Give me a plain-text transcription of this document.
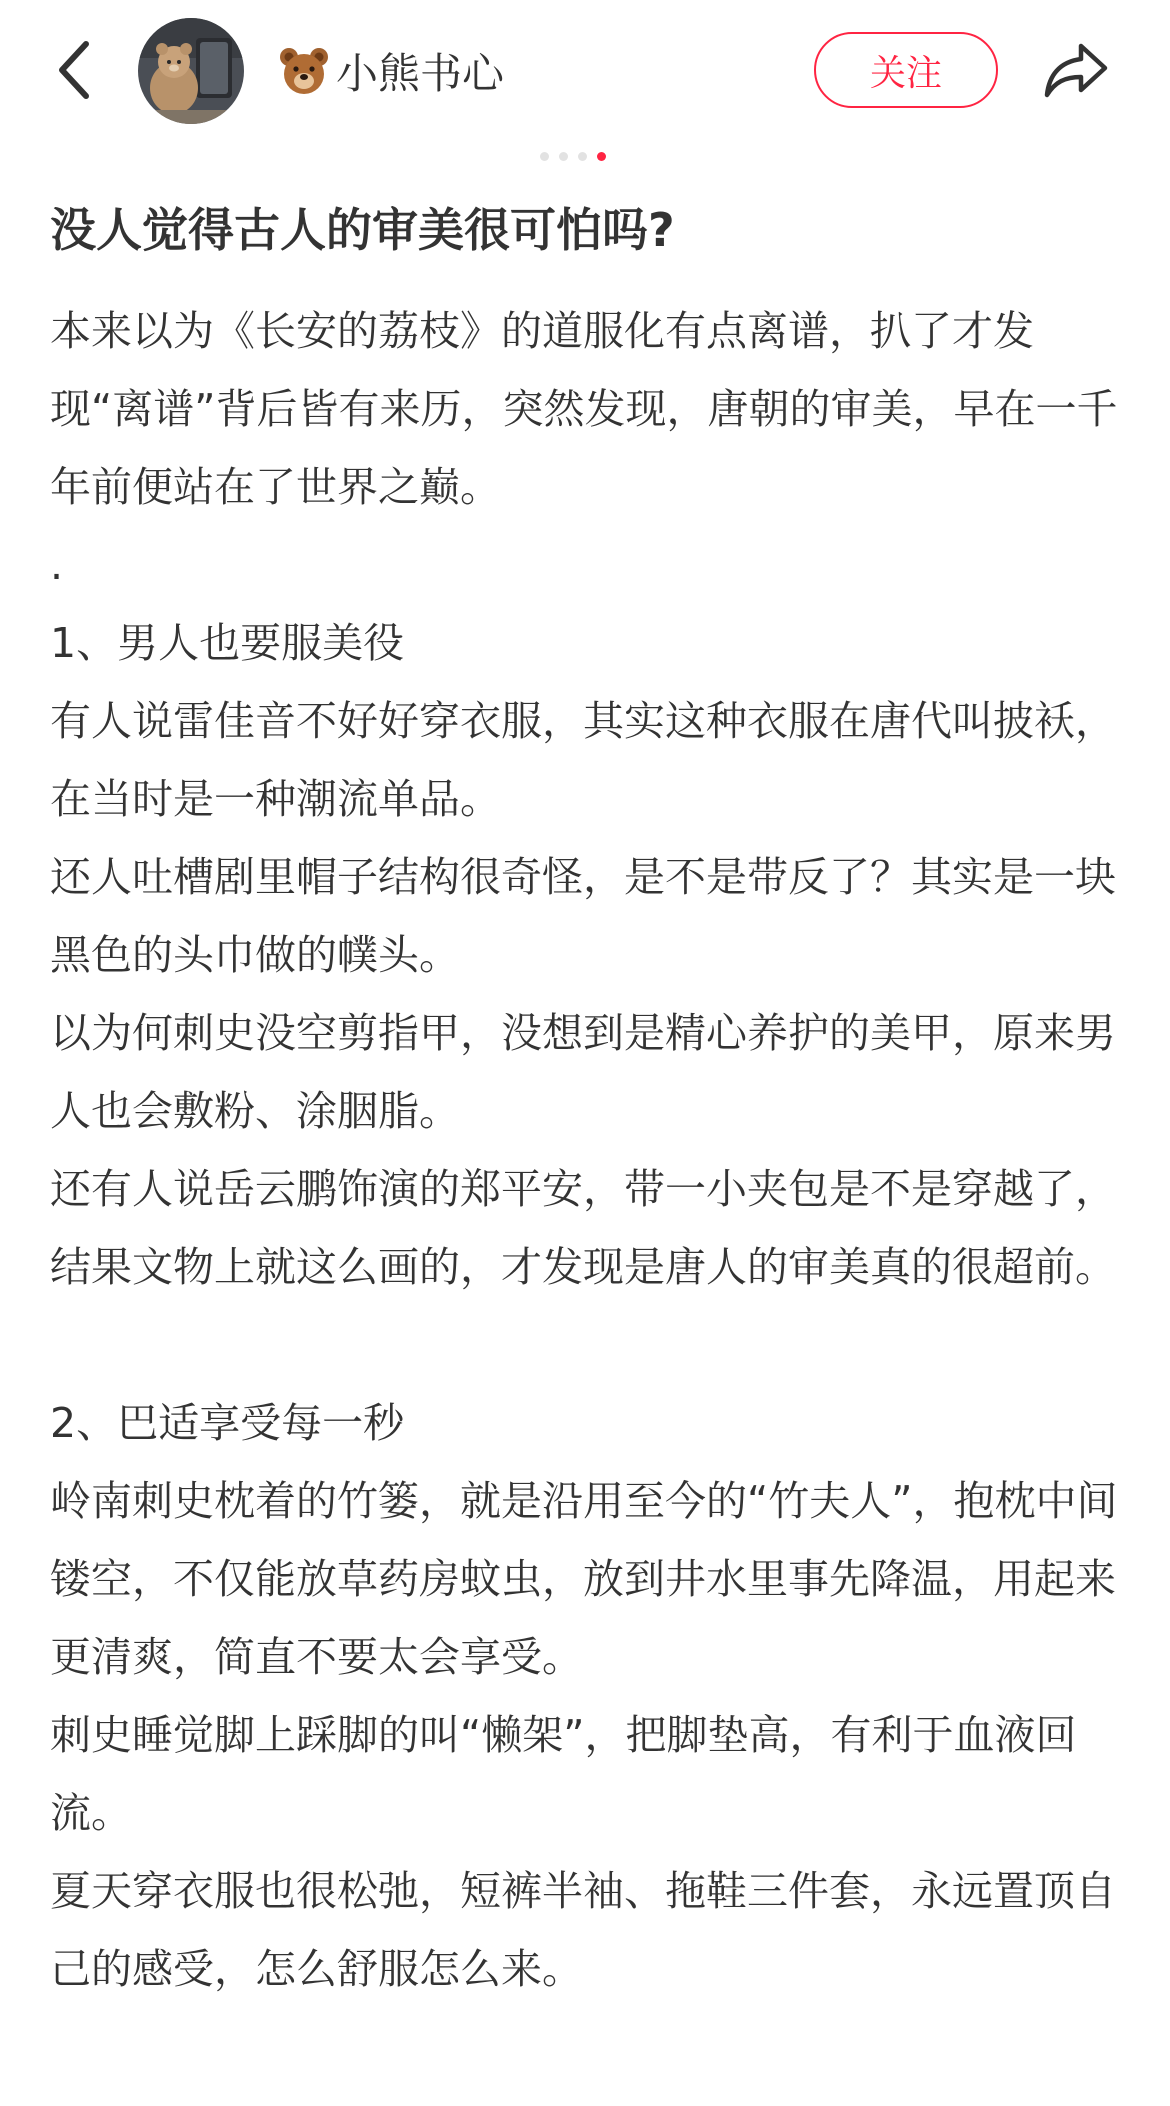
小熊书心	关注
没人觉得古人的审美很可怕吗?

本来以为《长安的荔枝》的道服化有点离谱，扒了才发现“离谱”背后皆有来历，突然发现，唐朝的审美，早在一千年前便站在了世界之巅。

.

1、男人也要服美役

有人说雷佳音不好好穿衣服，其实这种衣服在唐代叫披袄，在当时是一种潮流单品。

还人吐槽剧里帽子结构很奇怪，是不是带反了？其实是一块黑色的头巾做的幞头。

以为何刺史没空剪指甲，没想到是精心养护的美甲，原来男人也会敷粉、涂胭脂。

还有人说岳云鹏饰演的郑平安，带一小夹包是不是穿越了，结果文物上就这么画的，才发现是唐人的审美真的很超前。

2、巴适享受每一秒

岭南刺史枕着的竹篓，就是沿用至今的“竹夫人”，抱枕中间镂空，不仅能放草药房蚊虫，放到井水里事先降温，用起来更清爽，简直不要太会享受。

刺史睡觉脚上踩脚的叫“懒架”，把脚垫高，有利于血液回流。

夏天穿衣服也很松弛，短裤半袖、拖鞋三件套，永远置顶自己的感受，怎么舒服怎么来。
